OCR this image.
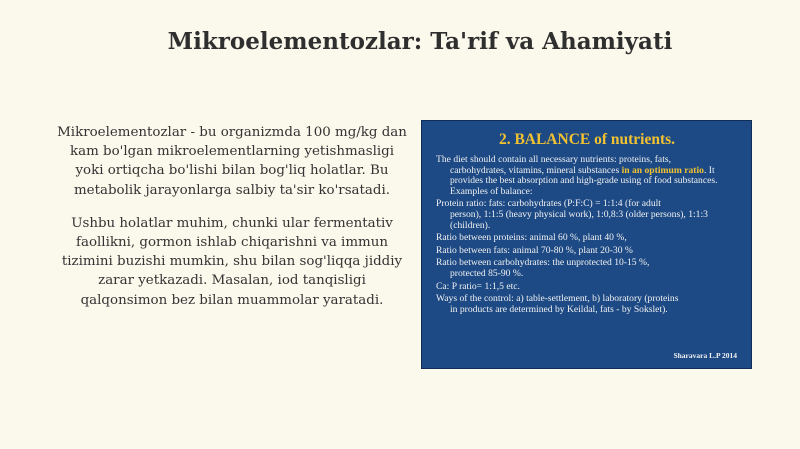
Mikroelementozlar: Ta'rif va Ahamiyati

Mikroelementozlar - bu organizmda 100 mg/kg dan kam bo'lgan mikroelementlarning yetishmasligi yoki ortiqcha bo'lishi bilan bog'liq holatlar. Bu metabolik jarayonlarga salbiy ta'sir ko'rsatadi.

Ushbu holatlar muhim, chunki ular fermentativ faollikni, gormon ishlab chiqarishni va immun tizimini buzishi mumkin, shu bilan sog'liqqa jiddiy zarar yetkazadi. Masalan, iod tanqisligi qalqonsimon bez bilan muammolar yaratadi.

2. BALANCE of nutrients.
The diet should contain all necessary nutrients: proteins, fats,
carbohydrates, vitamins, mineral substances in an optimum ratio. It provides the best absorption and high-grade using of food substances. Examples of balance:
Protein ratio: fats: carbohydrates (P:F:C) = 1:1:4 (for adult
person), 1:1:5 (heavy physical work), 1:0,8:3 (older persons), 1:1:3 (children).
Ratio between proteins: animal 60 %, plant 40 %,
Ratio between fats: animal 70-80 %, plant 20-30 %
Ratio between carbohydrates: the unprotected 10-15 %,
protected 85-90 %.
Ca: P ratio= 1:1,5 etc.
Ways of the control: a) table-settlement, b) laboratory (proteins
in products are determined by Keildal, fats - by Sokslet).
Sharavara L.P 2014
